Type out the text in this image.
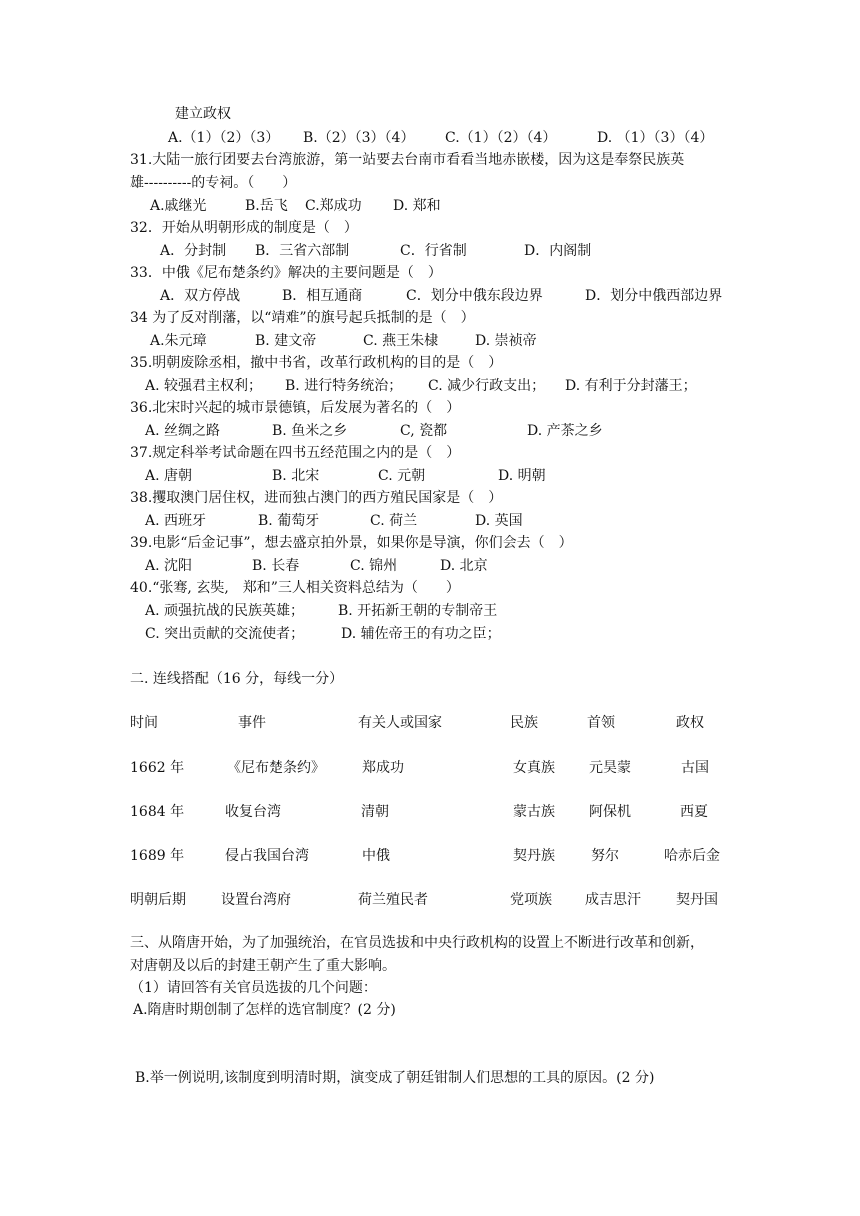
建立政权
A.（1）（2）（3） B.（2）（3）（4） C.（1）（2）（4）	D. （1）（3）（4）
31.大陆一旅行团要去台湾旅游，第一站要去台南市看看当地赤嵌楼，因为这是奉祭民族英
雄----------的专祠。（　　）
A.戚继光	B.岳飞 C.郑成功 D. 郑和
32．开始从明朝形成的制度是（　）
A．分封制 B．三省六部制	C．行省制	D．内阁制
33．中俄《尼布楚条约》解决的主要问题是（　）
A．双方停战	B．相互通商	C．划分中俄东段边界	D．划分中俄西部边界
34 为了反对削藩，以“靖难”的旗号起兵抵制的是（　）
A.朱元璋	B. 建文帝	C. 燕王朱棣	D. 崇祯帝
35.明朝废除丞相，撤中书省，改革行政机构的目的是（　）
A. 较强君主权利； B. 进行特务统治； C. 减少行政支出； D. 有利于分封藩王；
36.北宋时兴起的城市景德镇，后发展为著名的（　）
A. 丝绸之路	B. 鱼米之乡	C, 瓷都	D. 产茶之乡
37.规定科举考试命题在四书五经范围之内的是（　）
A. 唐朝	B. 北宋	C. 元朝	D. 明朝
38.攫取澳门居住权，进而独占澳门的西方殖民国家是（　）
A. 西班牙	B. 葡萄牙	C. 荷兰	D. 英国
39.电影“后金记事”，想去盛京拍外景，如果你是导演，你们会去（　）
A. 沈阳	B. 长春	C. 锦州	D. 北京
40.“张骞, 玄奘,　郑和”三人相关资料总结为（　　）
A. 顽强抗战的民族英雄； B. 开拓新王朝的专制帝王
C. 突出贡献的交流使者；	D. 辅佐帝王的有功之臣；
二. 连线搭配（16 分，每线一分）
时间	事件	有关人或国家	民族	首领	政权
1662 年	《尼布楚条约》	郑成功	女真族 元昊蒙	古国
1684 年	收复台湾	清朝	蒙古族 阿保机	西夏
1689 年	侵占我国台湾	中俄	契丹族	努尔	哈赤后金
明朝后期	设置台湾府	荷兰殖民者	党项族 成吉思汗	契丹国
三、从隋唐开始，为了加强统治，在官员选拔和中央行政机构的设置上不断进行改革和创新，
对唐朝及以后的封建王朝产生了重大影响。
（1）请回答有关官员选拔的几个问题：
A.隋唐时期创制了怎样的选官制度？(2 分)
B.举一例说明,该制度到明清时期，演变成了朝廷钳制人们思想的工具的原因。(2 分)
